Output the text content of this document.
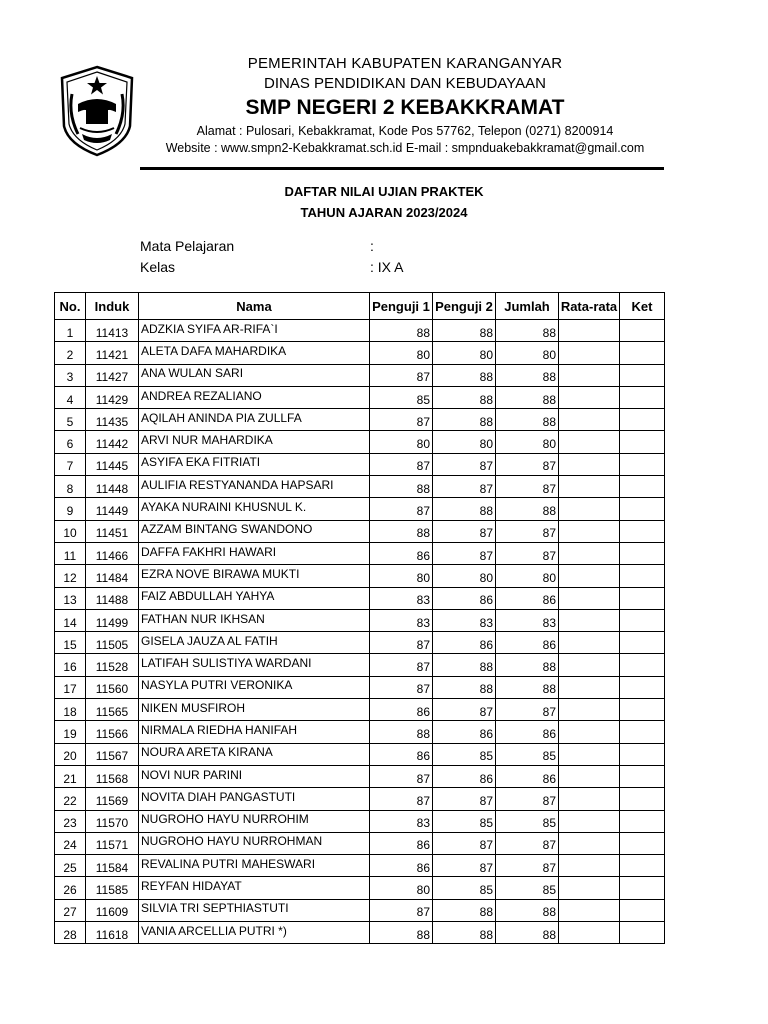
PEMERINTAH KABUPATEN KARANGANYAR
DINAS PENDIDIKAN DAN KEBUDAYAAN
SMP NEGERI 2 KEBAKKRAMAT
Alamat : Pulosari, Kebakkramat, Kode Pos 57762, Telepon (0271) 8200914
Website : www.smpn2-Kebakkramat.sch.id E-mail : smpnduakebakkramat@gmail.com
DAFTAR NILAI UJIAN PRAKTEK
TAHUN AJARAN 2023/2024
Mata Pelajaran	:
Kelas	: IX A
No.	Induk	Nama	Penguji 1	Penguji 2	Jumlah	Rata-rata	Ket

1	11413	ADZKIA SYIFA AR-RIFA`I	88	88	88		

2	11421	ALETA DAFA MAHARDIKA	80	80	80		

3	11427	ANA WULAN SARI	87	88	88		

4	11429	ANDREA REZALIANO	85	88	88		

5	11435	AQILAH ANINDA PIA ZULLFA	87	88	88		

6	11442	ARVI NUR MAHARDIKA	80	80	80		

7	11445	ASYIFA EKA FITRIATI	87	87	87		

8	11448	AULIFIA RESTYANANDA HAPSARI	88	87	87		

9	11449	AYAKA NURAINI KHUSNUL K.	87	88	88		

10	11451	AZZAM BINTANG SWANDONO	88	87	87		

11	11466	DAFFA FAKHRI HAWARI	86	87	87		

12	11484	EZRA NOVE BIRAWA MUKTI	80	80	80		

13	11488	FAIZ ABDULLAH YAHYA	83	86	86		

14	11499	FATHAN NUR IKHSAN	83	83	83		

15	11505	GISELA JAUZA AL FATIH	87	86	86		

16	11528	LATIFAH SULISTIYA WARDANI	87	88	88		

17	11560	NASYLA PUTRI VERONIKA	87	88	88		

18	11565	NIKEN MUSFIROH	86	87	87		

19	11566	NIRMALA RIEDHA HANIFAH	88	86	86		

20	11567	NOURA ARETA KIRANA	86	85	85		

21	11568	NOVI NUR PARINI	87	86	86		

22	11569	NOVITA DIAH PANGASTUTI	87	87	87		

23	11570	NUGROHO HAYU NURROHIM	83	85	85		

24	11571	NUGROHO HAYU NURROHMAN	86	87	87		

25	11584	REVALINA PUTRI MAHESWARI	86	87	87		

26	11585	REYFAN HIDAYAT	80	85	85		

27	11609	SILVIA TRI SEPTHIASTUTI	87	88	88		

28	11618	VANIA ARCELLIA PUTRI *)	88	88	88		
